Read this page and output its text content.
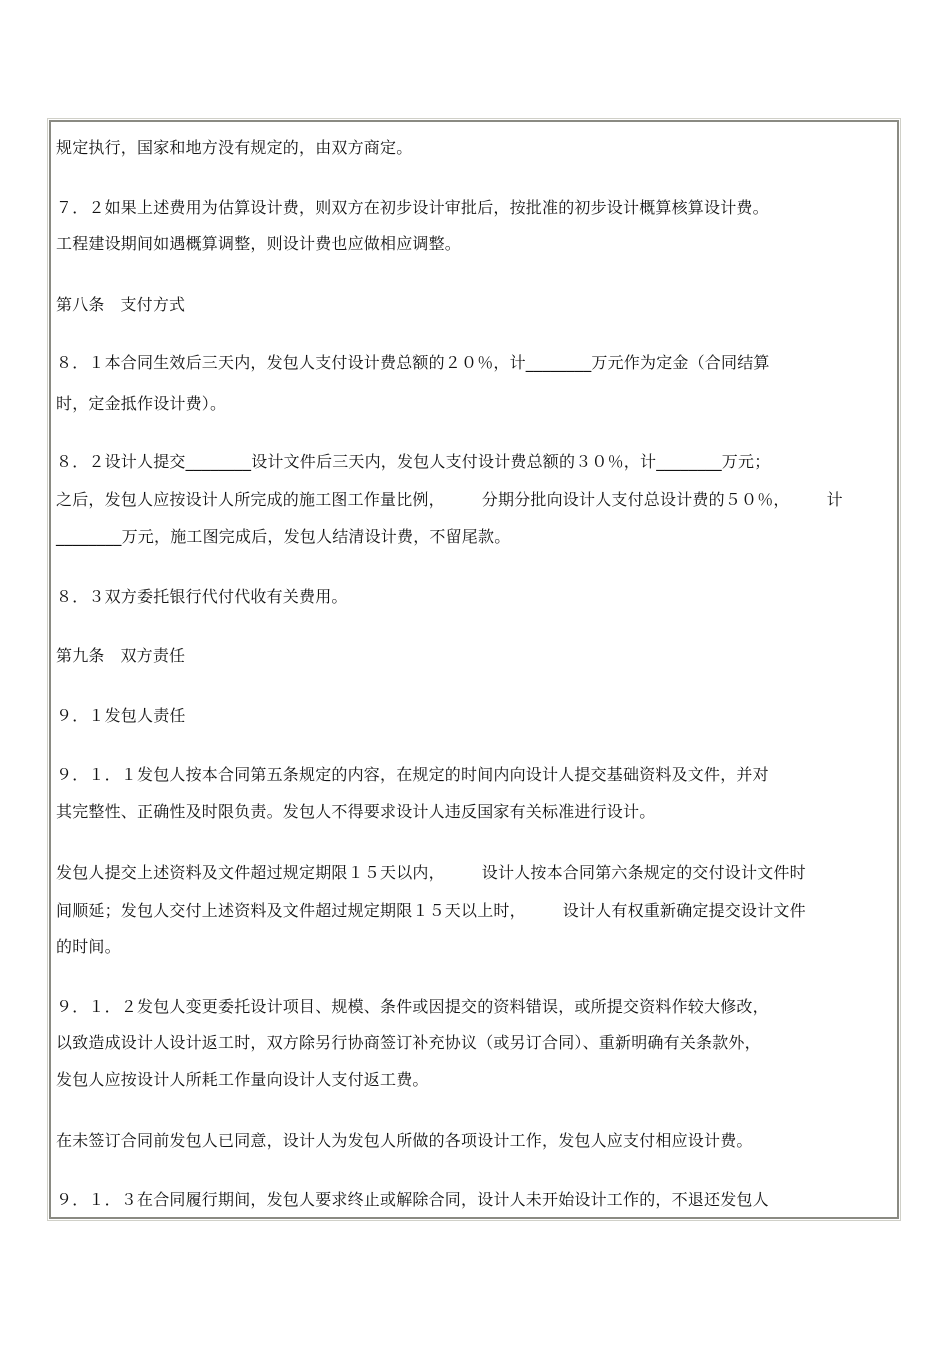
规定执行，国家和地方没有规定的，由双方商定。
７．２如果上述费用为估算设计费，则双方在初步设计审批后，按批准的初步设计概算核算设计费。
工程建设期间如遇概算调整，则设计费也应做相应调整。
第八条   支付方式
８．１本合同生效后三天内，发包人支付设计费总额的２０％，计________万元作为定金（合同结算
时，定金抵作设计费）。
８．２设计人提交________设计文件后三天内，发包人支付设计费总额的３０％，计________万元；
之后，发包人应按设计人所完成的施工图工作量比例，       分期分批向设计人支付总设计费的５０％，       计
________万元，施工图完成后，发包人结清设计费，不留尾款。
８．３双方委托银行代付代收有关费用。
第九条   双方责任
９．１发包人责任
９．１．１发包人按本合同第五条规定的内容，在规定的时间内向设计人提交基础资料及文件，并对
其完整性、正确性及时限负责。发包人不得要求设计人违反国家有关标准进行设计。
发包人提交上述资料及文件超过规定期限１５天以内，       设计人按本合同第六条规定的交付设计文件时
间顺延；发包人交付上述资料及文件超过规定期限１５天以上时，       设计人有权重新确定提交设计文件
的时间。
９．１．２发包人变更委托设计项目、规模、条件或因提交的资料错误，或所提交资料作较大修改，
以致造成设计人设计返工时，双方除另行协商签订补充协议（或另订合同）、重新明确有关条款外，
发包人应按设计人所耗工作量向设计人支付返工费。
在未签订合同前发包人已同意，设计人为发包人所做的各项设计工作，发包人应支付相应设计费。
９．１．３在合同履行期间，发包人要求终止或解除合同，设计人未开始设计工作的，不退还发包人
